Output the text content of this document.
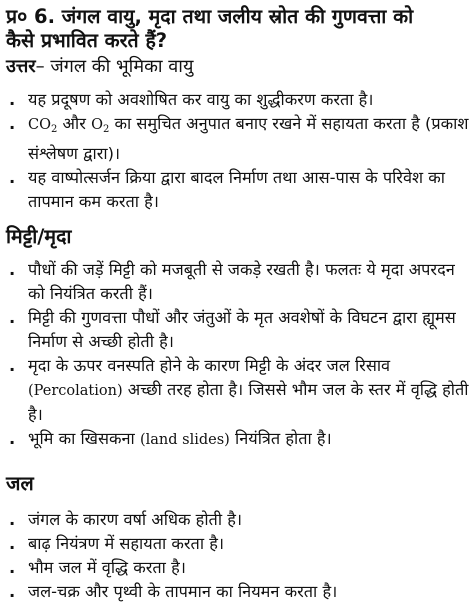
प्र० 6. जंगल वायु, मृदा तथा जलीय स्रोत की गुणवत्ता को
कैसे प्रभावित करते हैं?
उत्तर– जंगल की भूमिका वायु
. यह प्रदूषण को अवशोषित कर वायु का शुद्धीकरण करता है।
. $CO_2$ और $O_2$ का समुचित अनुपात बनाए रखने में सहायता करता है (प्रकाश संश्लेषण द्वारा)।
. यह वाष्पोत्सर्जन क्रिया द्वारा बादल निर्माण तथा आस-पास के परिवेश का तापमान कम करता है।
मिट्टी/मृदा
. पौधों की जड़ें मिट्टी को मजबूती से जकड़े रखती है। फलतः ये मृदा अपरदन को नियंत्रित करती हैं।
. मिट्टी की गुणवत्ता पौधों और जंतुओं के मृत अवशेषों के विघटन द्वारा ह्यूमस निर्माण से अच्छी होती है।
. मृदा के ऊपर वनस्पति होने के कारण मिट्टी के अंदर जल रिसाव (Percolation) अच्छी तरह होता है। जिससे भौम जल के स्तर में वृद्धि होती है।
. भूमि का खिसकना (land slides) नियंत्रित होता है।
जल
. जंगल के कारण वर्षा अधिक होती है।
. बाढ़ नियंत्रण में सहायता करता है।
. भौम जल में वृद्धि करता है।
. जल-चक्र और पृथ्वी के तापमान का नियमन करता है।
